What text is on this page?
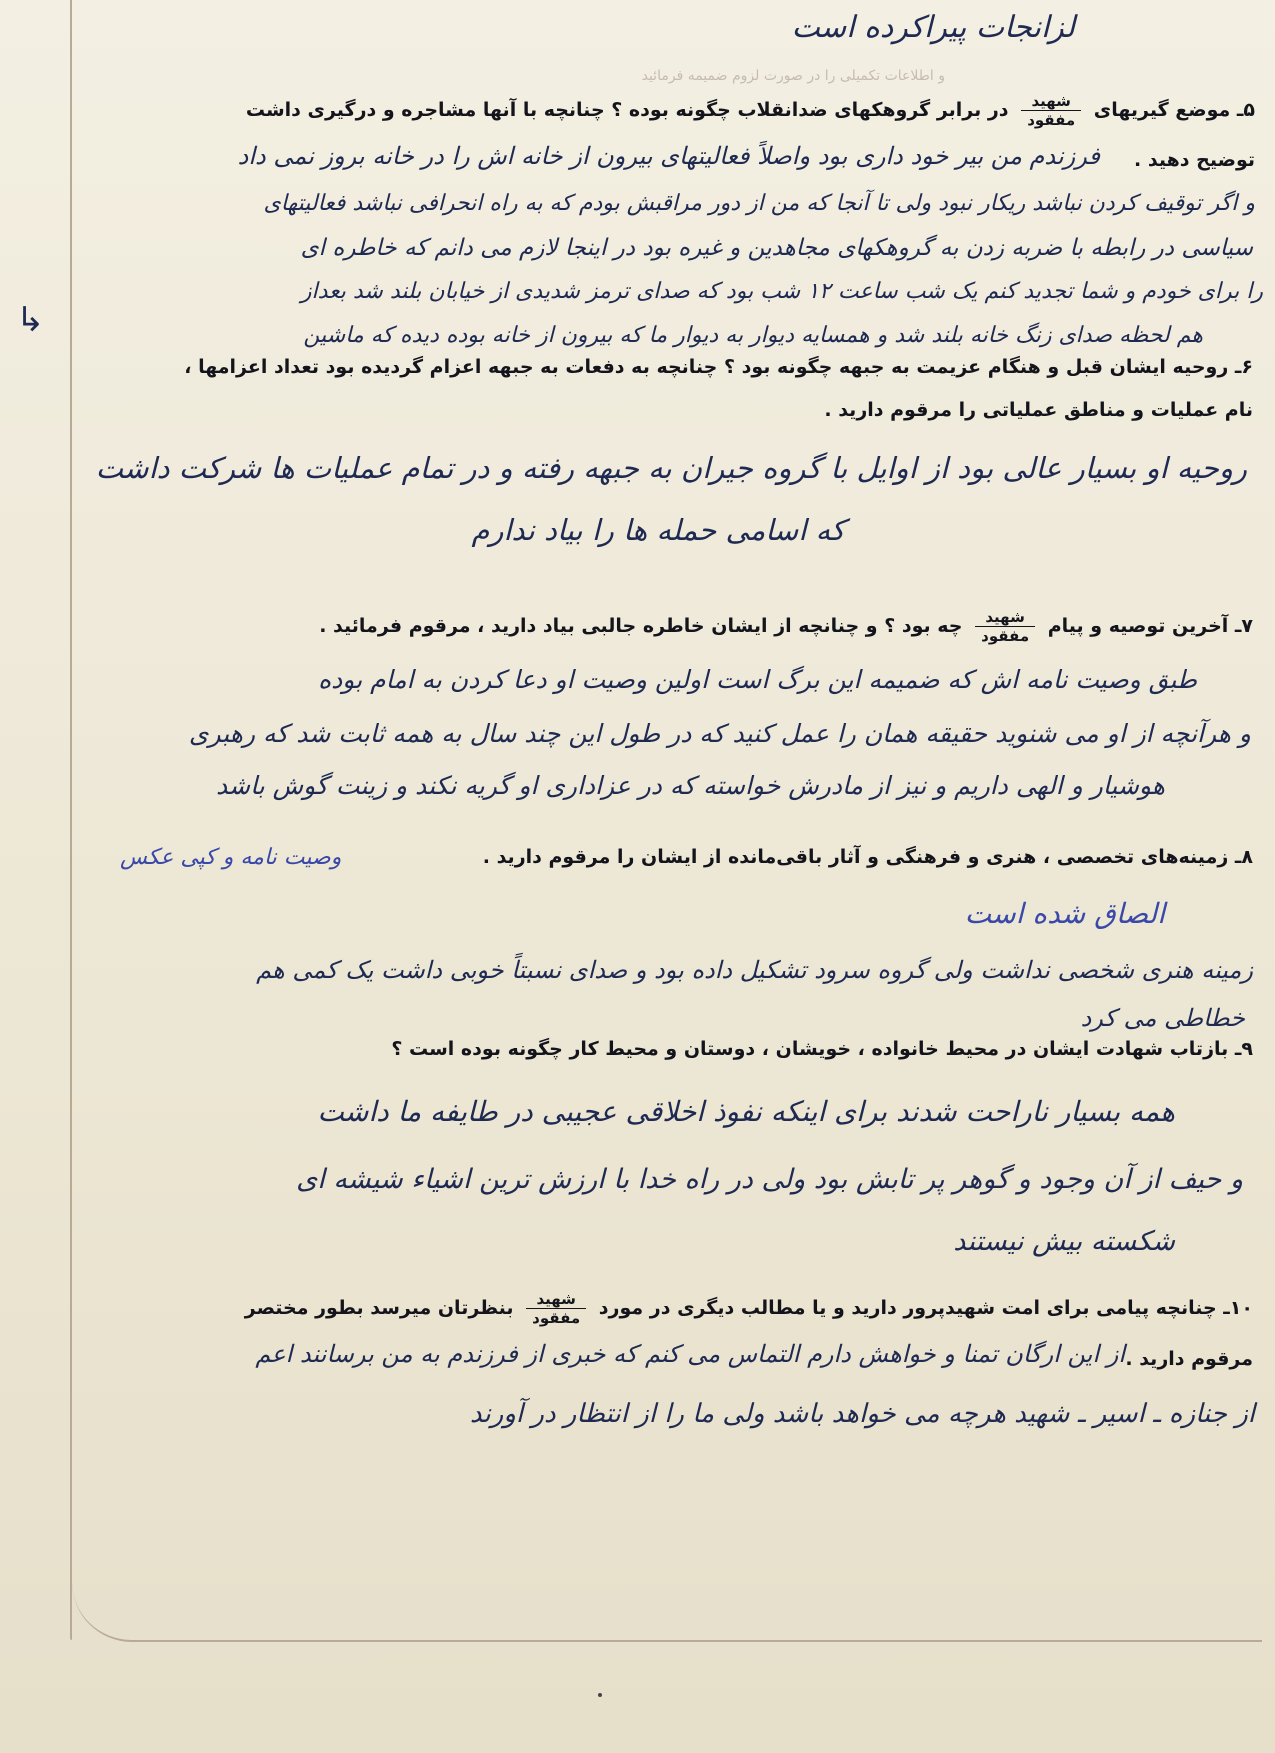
لزانجات پیراکرده است
و اطلاعات تکمیلی را در صورت لزوم ضمیمه فرمائید
۵ـ موضع گیریهای
$\frac{\text{شهید}}{\text{مفقود}}$
در برابر گروهکهای ضدانقلاب چگونه بوده ؟ چنانچه با آنها مشاجره و درگیری داشت
توضیح دهید .
فرزندم من بیر خود داری بود واصلاً فعالیتهای بیرون از خانه اش را در خانه بروز نمی داد
و اگر توقیف کردن نباشد ریکار نبود ولی تا آنجا که من از دور مراقبش بودم که به راه انحرافی نباشد فعالیتهای
سیاسی در رابطه با ضربه زدن به گروهکهای مجاهدین و غیره بود در اینجا لازم می دانم که خاطره ای
را برای خودم و شما تجدید کنم یک شب ساعت ۱۲ شب بود که صدای ترمز شدیدی از خیابان بلند شد بعداز
هم لحظه صدای زنگ خانه بلند شد و همسایه دیوار به دیوار ما که بیرون از خانه بوده دیده که ماشین
↳
۶ـ روحیه ایشان قبل و هنگام عزیمت به جبهه چگونه بود ؟ چنانچه به دفعات به جبهه اعزام گردیده بود تعداد اعزامها ،
نام عملیات و مناطق عملیاتی را مرقوم دارید .
روحیه او بسیار عالی بود از اوایل با گروه جیران به جبهه رفته و در تمام عملیات ها شرکت داشت
که اسامی حمله ها را بیاد ندارم
۷ـ آخرین توصیه و پیام
$\frac{\text{شهید}}{\text{مفقود}}$
چه بود ؟ و چنانچه از ایشان خاطره جالبی بیاد دارید ، مرقوم فرمائید .
طبق وصیت نامه اش که ضمیمه این برگ است اولین وصیت او دعا کردن به امام بوده
و هرآنچه از او می شنوید حقیقه همان را عمل کنید که در طول این چند سال به همه ثابت شد که رهبری
هوشیار و الهی داریم و نیز از مادرش خواسته که در عزاداری او گریه نکند و زینت گوش باشد
وصیت نامه و کپی عکس	۸ـ زمینه‌های تخصصی ، هنری و فرهنگی و آثار باقی‌مانده از ایشان را مرقوم دارید .
الصاق شده است
زمینه هنری شخصی نداشت ولی گروه سرود تشکیل داده بود و صدای نسبتاً خوبی داشت یک کمی هم
خطاطی می کرد
۹ـ بازتاب شهادت ایشان در محیط خانواده ، خویشان ، دوستان و محیط کار چگونه بوده است ؟
همه بسیار ناراحت شدند برای اینکه نفوذ اخلاقی عجیبی در طایفه ما داشت
و حیف از آن وجود و گوهر پر تابش بود ولی در راه خدا با ارزش ترین اشیاء شیشه ای
شکسته بیش نیستند
۱۰ـ چنانچه پیامی برای امت شهیدپرور دارید و یا مطالب دیگری در مورد
$\frac{\text{شهید}}{\text{مفقود}}$
بنظرتان میرسد بطور مختصر
مرقوم دارید .
از این ارگان تمنا و خواهش دارم التماس می کنم که خبری از فرزندم به من برسانند اعم
از جنازه ـ اسیر ـ شهید هرچه می خواهد باشد ولی ما را از انتظار در آورند
